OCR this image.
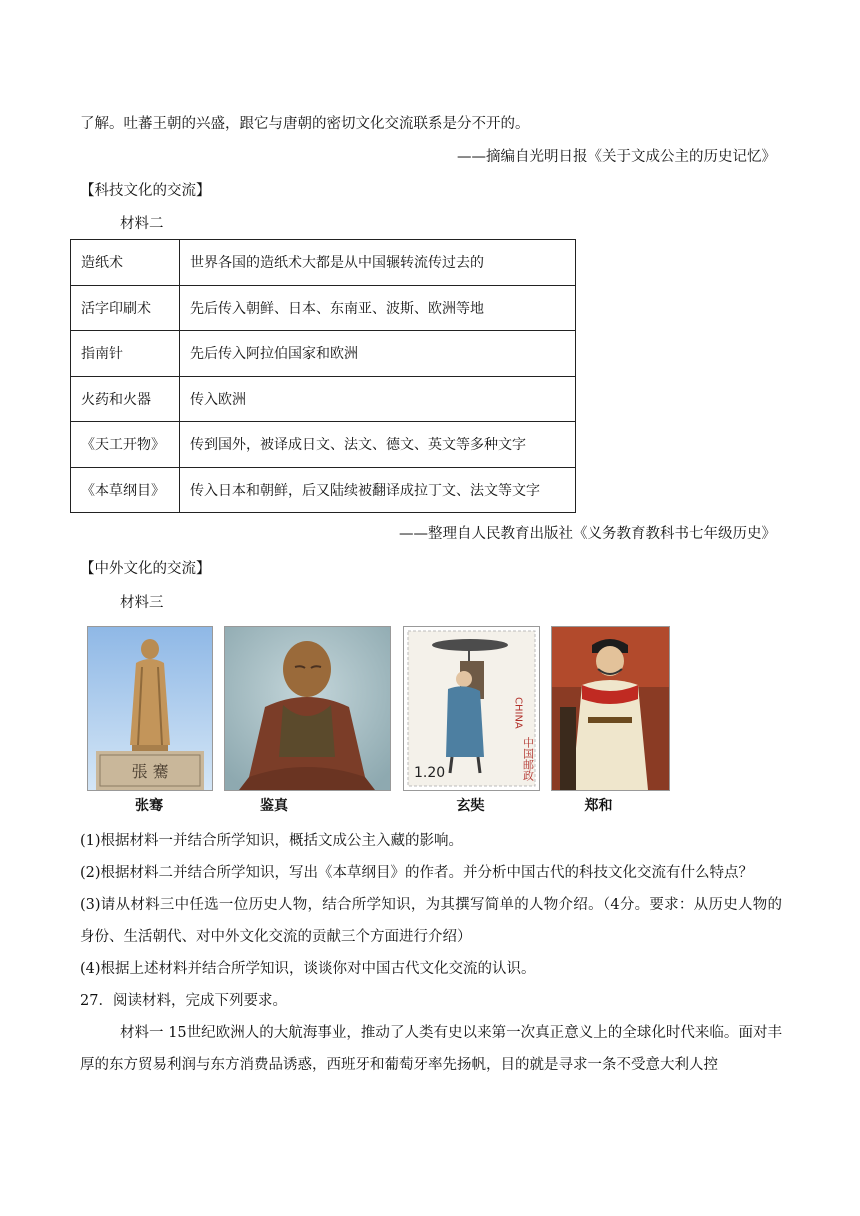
了解。吐蕃王朝的兴盛，跟它与唐朝的密切文化交流联系是分不开的。
——摘编自光明日报《关于文成公主的历史记忆》
【科技文化的交流】
材料二
造纸术	世界各国的造纸术大都是从中国辗转流传过去的
活字印刷术	先后传入朝鲜、日本、东南亚、波斯、欧洲等地
指南针	先后传入阿拉伯国家和欧洲
火药和火器	传入欧洲
《天工开物》	传到国外，被译成日文、法文、德文、英文等多种文字
《本草纲目》	传入日本和朝鲜，后又陆续被翻译成拉丁文、法文等文字
——整理自人民教育出版社《义务教育教科书七年级历史》
【中外文化的交流】
材料三
張 騫	1.20
CHINA
中国邮政
张骞	鉴真	玄奘	郑和

(1)根据材料一并结合所学知识，概括文成公主入藏的影响。

(2)根据材料二并结合所学知识，写出《本草纲目》的作者。并分析中国古代的科技文化交流有什么特点？

(3)请从材料三中任选一位历史人物，结合所学知识，为其撰写简单的人物介绍。（4分。要求：从历史人物的身份、生活朝代、对中外文化交流的贡献三个方面进行介绍）

(4)根据上述材料并结合所学知识，谈谈你对中国古代文化交流的认识。

27．阅读材料，完成下列要求。

材料一 15世纪欧洲人的大航海事业，推动了人类有史以来第一次真正意义上的全球化时代来临。面对丰厚的东方贸易利润与东方消费品诱惑，西班牙和葡萄牙率先扬帆，目的就是寻求一条不受意大利人控
